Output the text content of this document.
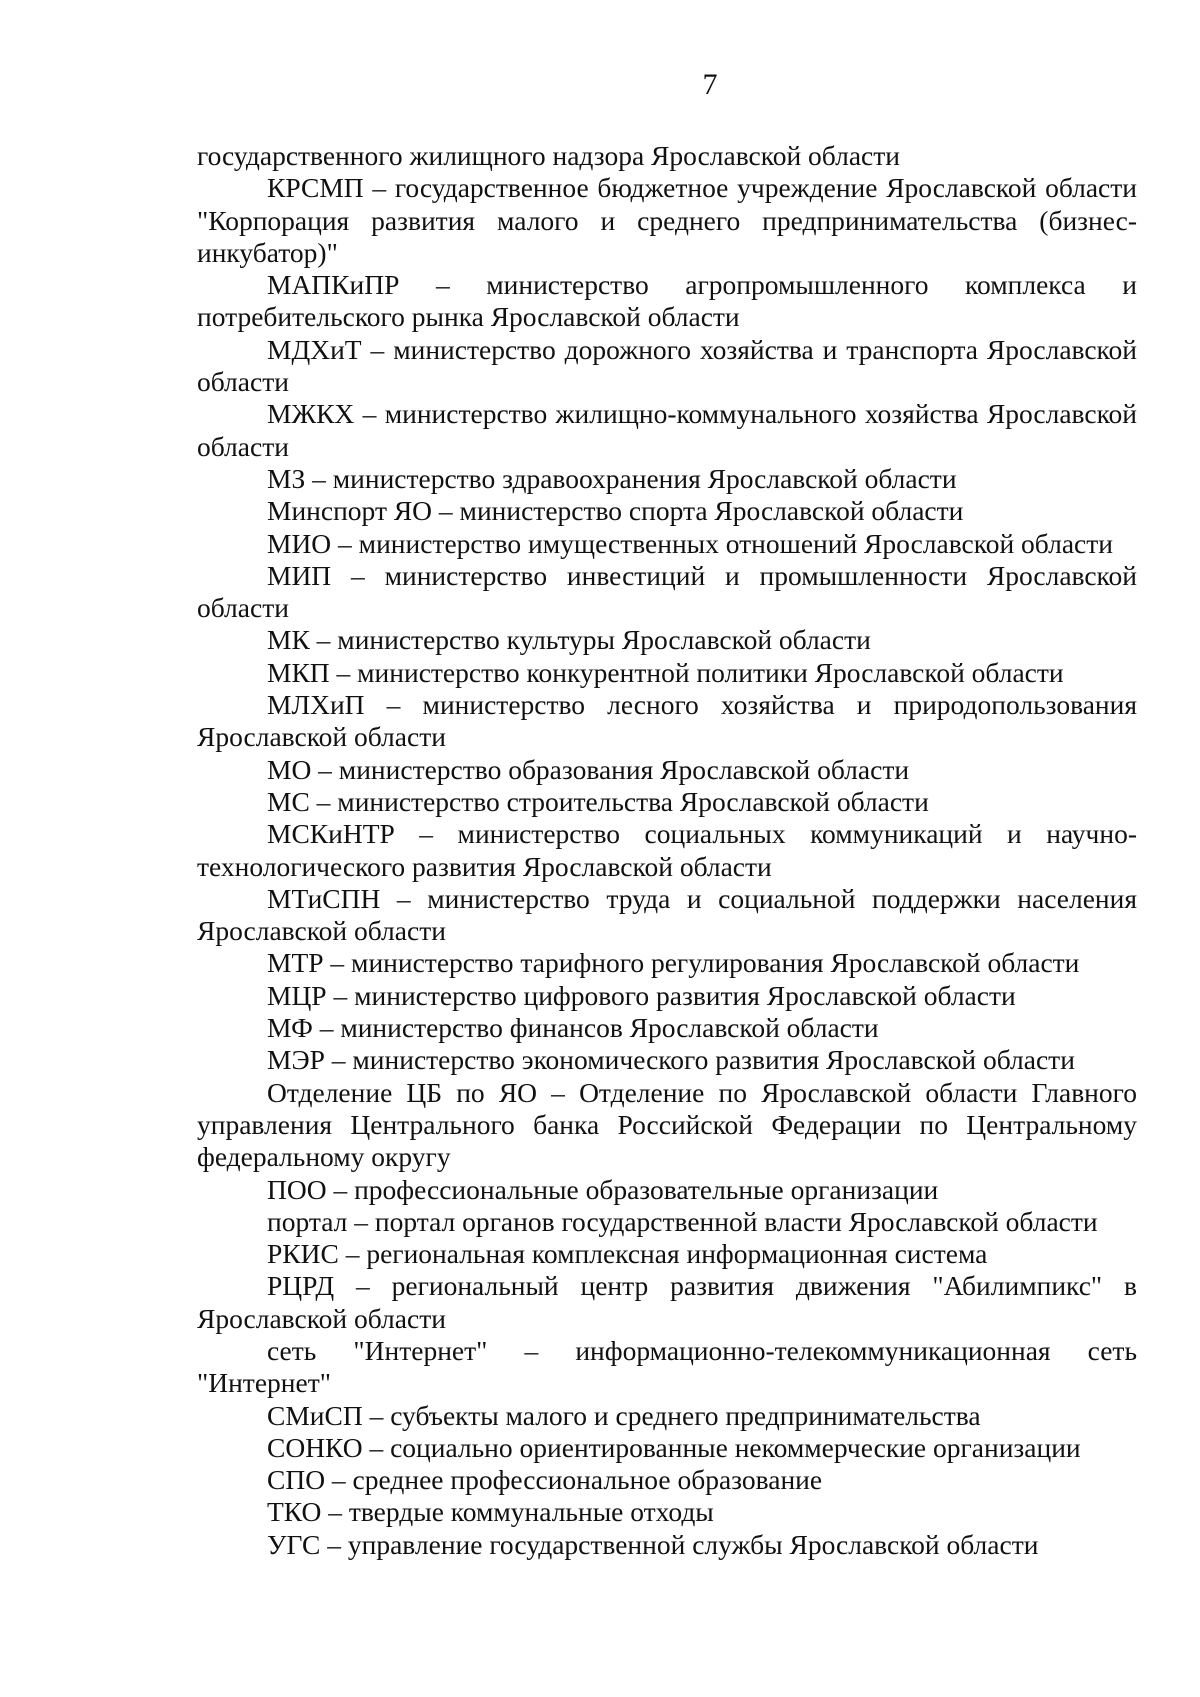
7

государственного жилищного надзора Ярославской области

КРСМП – государственное бюджетное учреждение Ярославской области "Корпорация развития малого и среднего предпринимательства (бизнес-инкубатор)"

МАПКиПР – министерство агропромышленного комплекса и потребительского рынка Ярославской области

МДХиТ – министерство дорожного хозяйства и транспорта Ярославской области

МЖКХ – министерство жилищно-коммунального хозяйства Ярославской области

МЗ – министерство здравоохранения Ярославской области

Минспорт ЯО – министерство спорта Ярославской области

МИО – министерство имущественных отношений Ярославской области

МИП – министерство инвестиций и промышленности Ярославской области

МК – министерство культуры Ярославской области

МКП – министерство конкурентной политики Ярославской области

МЛХиП – министерство лесного хозяйства и природопользования Ярославской области

МО – министерство образования Ярославской области

МС – министерство строительства Ярославской области

МСКиНТР – министерство социальных коммуникаций и научно-технологического развития Ярославской области

МТиСПН – министерство труда и социальной поддержки населения Ярославской области

МТР – министерство тарифного регулирования Ярославской области

МЦР – министерство цифрового развития Ярославской области

МФ – министерство финансов Ярославской области

МЭР – министерство экономического развития Ярославской области

Отделение ЦБ по ЯО – Отделение по Ярославской области Главного управления Центрального банка Российской Федерации по Центральному федеральному округу

ПОО – профессиональные образовательные организации

портал – портал органов государственной власти Ярославской области

РКИС – региональная комплексная информационная система

РЦРД – региональный центр развития движения "Абилимпикс" в Ярославской области

сеть "Интернет" – информационно-телекоммуникационная сеть "Интернет"

СМиСП – субъекты малого и среднего предпринимательства

СОНКО – социально ориентированные некоммерческие организации

СПО – среднее профессиональное образование

ТКО – твердые коммунальные отходы

УГС – управление государственной службы Ярославской области
